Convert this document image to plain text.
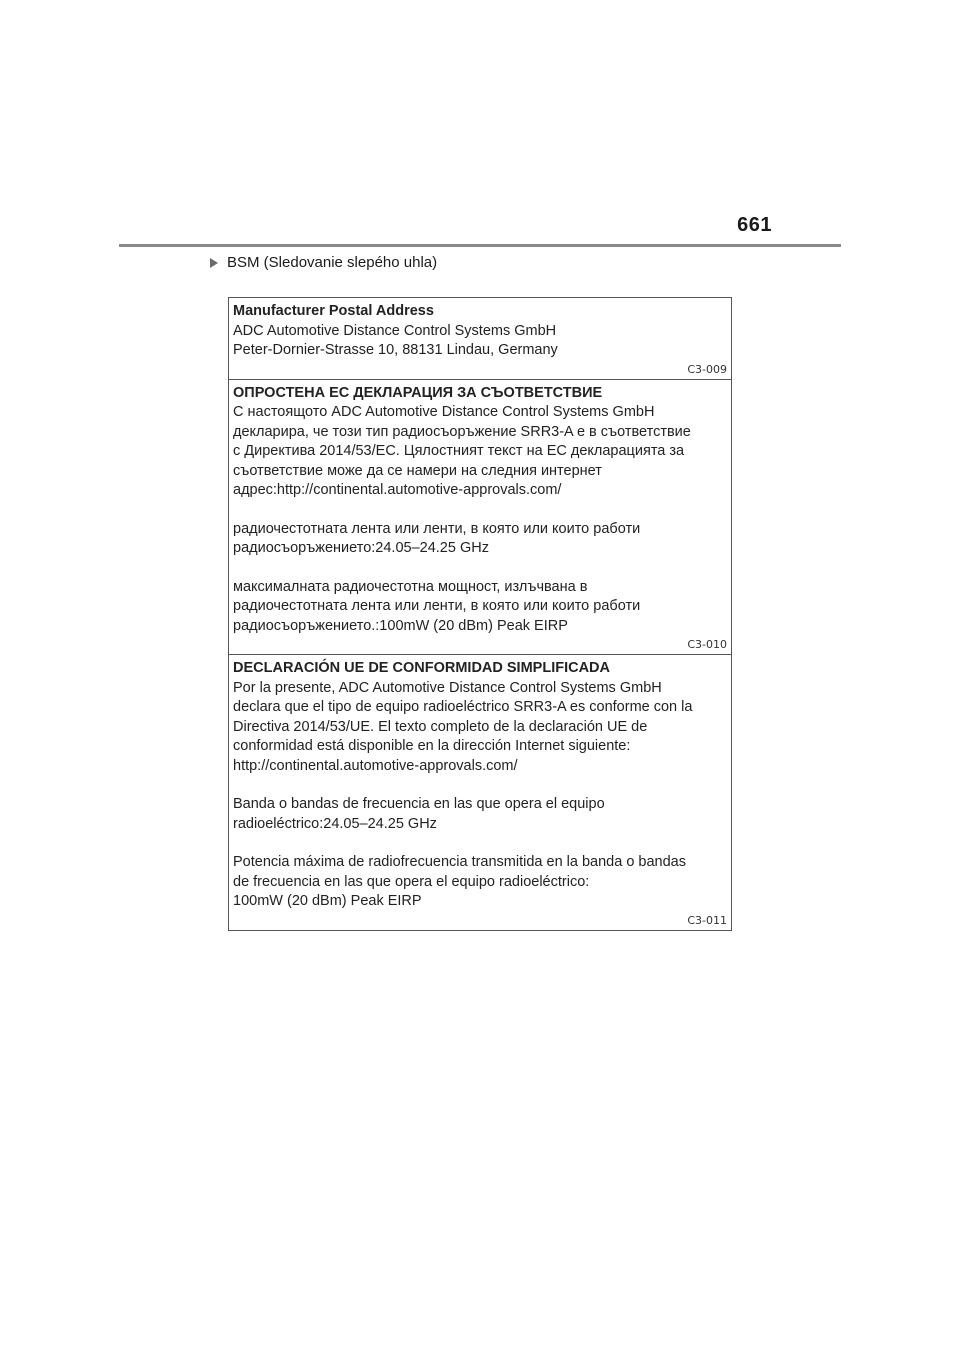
661
BSM (Sledovanie slepého uhla)
Manufacturer Postal Address
ADC Automotive Distance Control Systems GmbH
Peter-Dornier-Strasse 10, 88131 Lindau, Germany
C3-009
ОПРОСТЕНА ЕС ДЕКЛАРАЦИЯ ЗА СЪОТВЕТСТВИЕ
С настоящото ADC Automotive Distance Control Systems GmbH
декларира, че този тип радиосъоръжение SRR3-A е в съответствие
с Директива 2014/53/ЕС. Цялостният текст на ЕС декларацията за
съответствие може да се намери на следния интернет
адрес:http://continental.automotive-approvals.com/
радиочестотната лента или ленти, в която или които работи
радиосъоръжението:24.05–24.25 GHz
максималната радиочестотна мощност, излъчвана в
радиочестотната лента или ленти, в която или които работи
радиосъоръжението.:100mW (20 dBm) Peak EIRP
C3-010
DECLARACIÓN UE DE CONFORMIDAD SIMPLIFICADA
Por la presente, ADC Automotive Distance Control Systems GmbH
declara que el tipo de equipo radioeléctrico SRR3-A es conforme con la
Directiva 2014/53/UE. El texto completo de la declaración UE de
conformidad está disponible en la dirección Internet siguiente:
http://continental.automotive-approvals.com/
Banda o bandas de frecuencia en las que opera el equipo
radioeléctrico:24.05–24.25 GHz
Potencia máxima de radiofrecuencia transmitida en la banda o bandas
de frecuencia en las que opera el equipo radioeléctrico:
100mW (20 dBm) Peak EIRP
C3-011
